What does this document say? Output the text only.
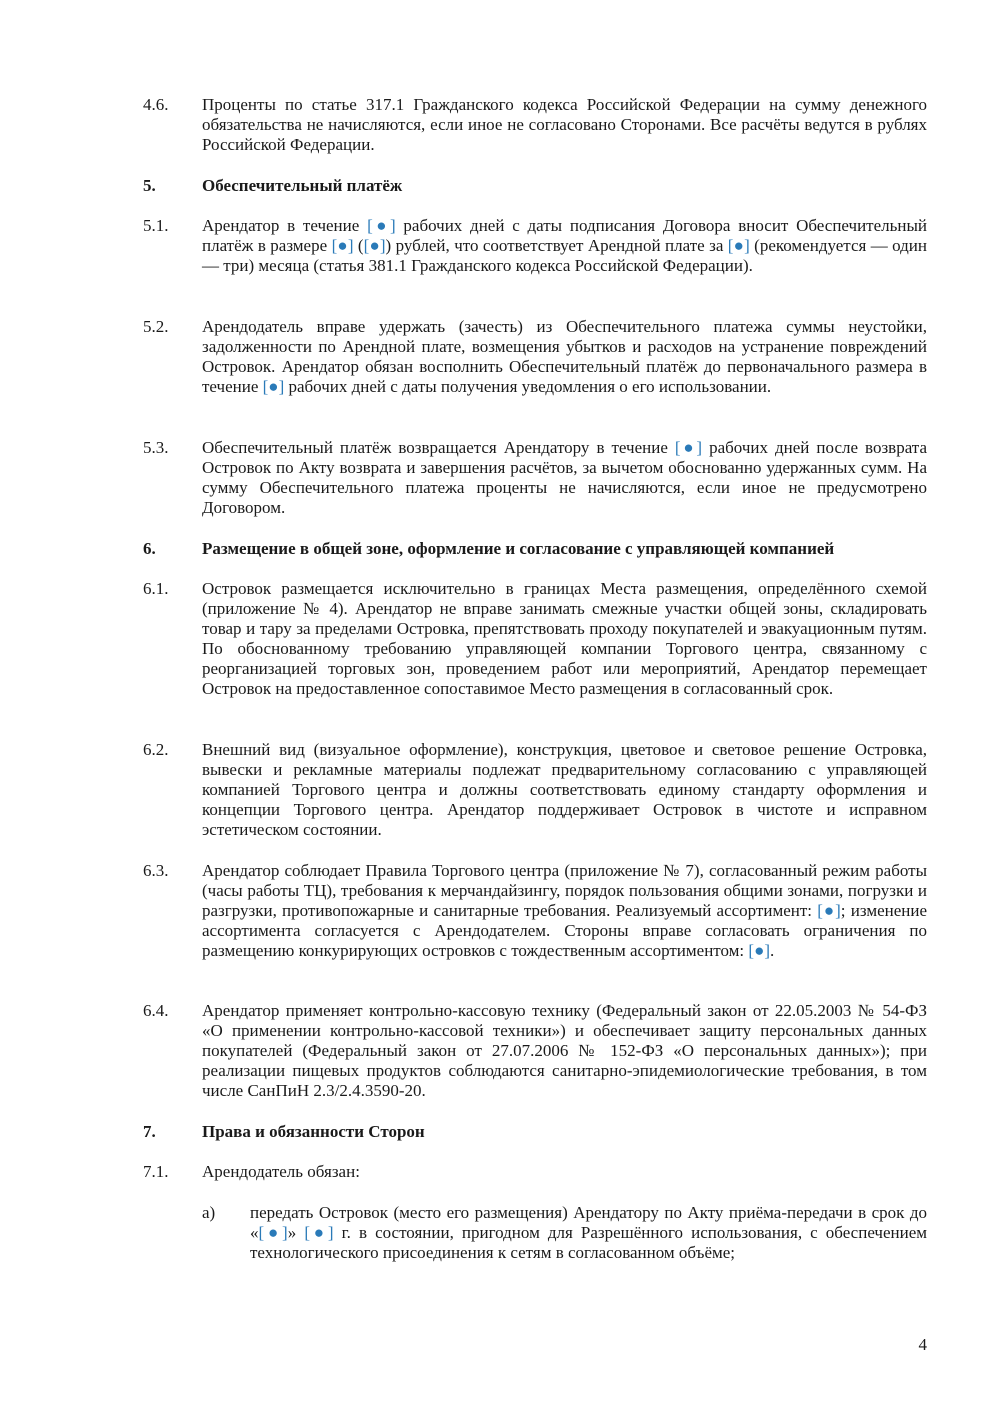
4.6.	Проценты по статье 317.1 Гражданского кодекса Российской Федерации на сумму денежного обязательства не начисляются, если иное не согласовано Сторонами. Все расчёты ведутся в рублях Российской Федерации.
5.	Обеспечительный платёж
5.1.	Арендатор в течение [●] рабочих дней с даты подписания Договора вносит Обеспечительный платёж в размере [●] ([●]) рублей, что соответствует Арендной плате за [●] (рекомендуется — один — три) месяца (статья 381.1 Гражданского кодекса Российской Федерации).
5.2.	Арендодатель вправе удержать (зачесть) из Обеспечительного платежа суммы неустойки, задолженности по Арендной плате, возмещения убытков и расходов на устранение повреждений Островок. Арендатор обязан восполнить Обеспечительный платёж до первоначального размера в течение [●] рабочих дней с даты получения уведомления о его использовании.
5.3.	Обеспечительный платёж возвращается Арендатору в течение [●] рабочих дней после возврата Островок по Акту возврата и завершения расчётов, за вычетом обоснованно удержанных сумм. На сумму Обеспечительного платежа проценты не начисляются, если иное не предусмотрено Договором.
6.	Размещение в общей зоне, оформление и согласование с управляющей компанией
6.1.	Островок размещается исключительно в границах Места размещения, определённого схемой (приложение № 4). Арендатор не вправе занимать смежные участки общей зоны, складировать товар и тару за пределами Островка, препятствовать проходу покупателей и эвакуационным путям. По обоснованному требованию управляющей компании Торгового центра, связанному с реорганизацией торговых зон, проведением работ или мероприятий, Арендатор перемещает Островок на предоставленное сопоставимое Место размещения в согласованный срок.
6.2.	Внешний вид (визуальное оформление), конструкция, цветовое и световое решение Островка, вывески и рекламные материалы подлежат предварительному согласованию с управляющей компанией Торгового центра и должны соответствовать единому стандарту оформления и концепции Торгового центра. Арендатор поддерживает Островок в чистоте и исправном эстетическом состоянии.
6.3.	Арендатор соблюдает Правила Торгового центра (приложение № 7), согласованный режим работы (часы работы ТЦ), требования к мерчандайзингу, порядок пользования общими зонами, погрузки и разгрузки, противопожарные и санитарные требования. Реализуемый ассортимент: [●]; изменение ассортимента согласуется с Арендодателем. Стороны вправе согласовать ограничения по размещению конкурирующих островков с тождественным ассортиментом: [●].
6.4.	Арендатор применяет контрольно-кассовую технику (Федеральный закон от 22.05.2003 № 54-ФЗ «О применении контрольно-кассовой техники») и обеспечивает защиту персональных данных покупателей (Федеральный закон от 27.07.2006 № 152-ФЗ «О персональных данных»); при реализации пищевых продуктов соблюдаются санитарно-эпидемиологические требования, в том числе СанПиН 2.3/2.4.3590-20.
7.	Права и обязанности Сторон
7.1.	Арендодатель обязан:
а)	передать Островок (место его размещения) Арендатору по Акту приёма-передачи в срок до «[●]» [●] г. в состоянии, пригодном для Разрешённого использования, с обеспечением технологического присоединения к сетям в согласованном объёме;
4
